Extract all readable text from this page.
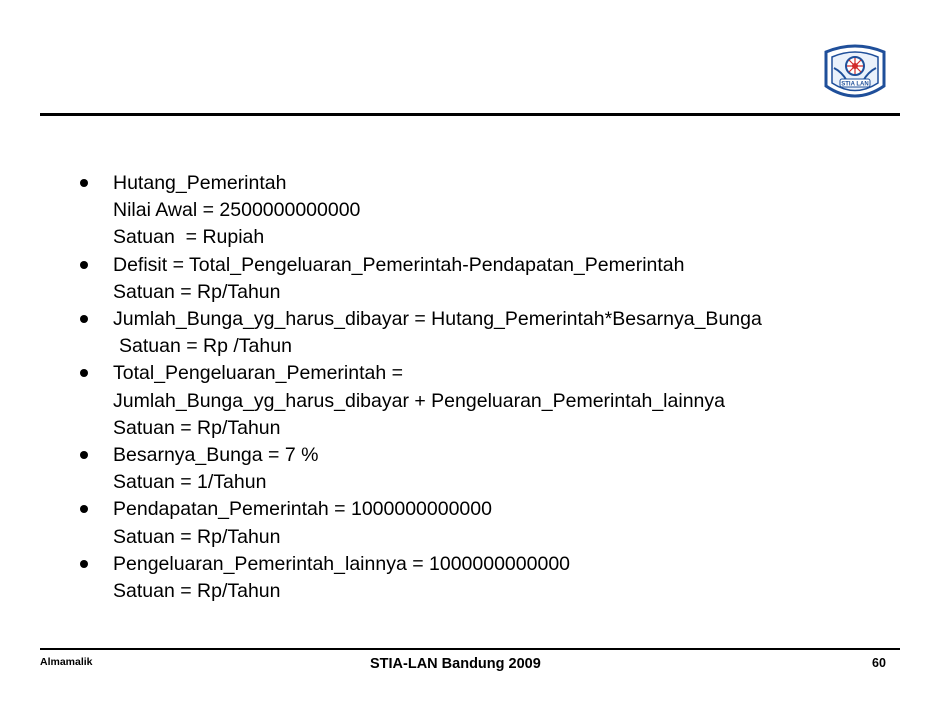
STIA LAN

Hutang_Pemerintah

Nilai Awal = 2500000000000

Satuan  = Rupiah

Defisit = Total_Pengeluaran_Pemerintah-Pendapatan_Pemerintah

Satuan = Rp/Tahun

Jumlah_Bunga_yg_harus_dibayar = Hutang_Pemerintah*Besarnya_Bunga

Satuan = Rp /Tahun

Total_Pengeluaran_Pemerintah =

Jumlah_Bunga_yg_harus_dibayar + Pengeluaran_Pemerintah_lainnya

Satuan = Rp/Tahun

Besarnya_Bunga = 7 %

Satuan = 1/Tahun

Pendapatan_Pemerintah = 1000000000000

Satuan = Rp/Tahun

Pengeluaran_Pemerintah_lainnya = 1000000000000

Satuan = Rp/Tahun

Almamalik	STIA-LAN Bandung 2009	60
